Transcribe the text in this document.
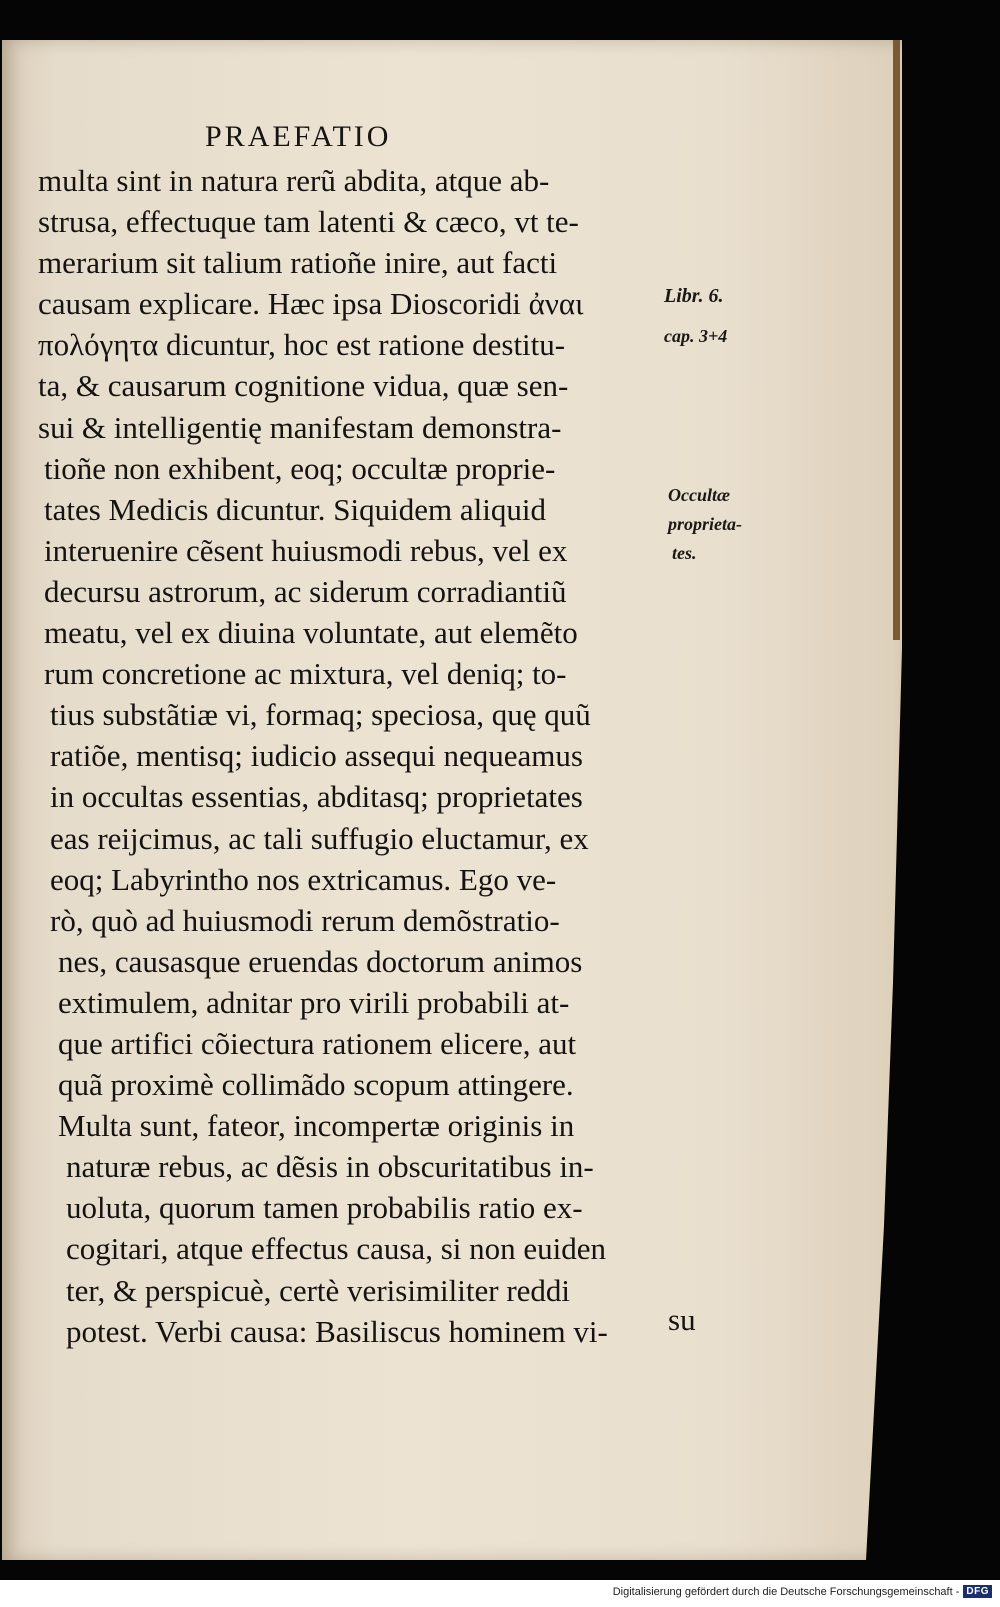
PRAEFATIO
multa sint in natura rerũ abdita, atque ab-
strusa, effectuque tam latenti & cæco, vt te-
merarium sit talium ratioñe inire, aut facti
causam explicare. Hæc ipsa Dioscoridi ἀναι
πολόγητα dicuntur, hoc est ratione destitu-
ta, & causarum cognitione vidua, quæ sen-
sui & intelligentię manifestam demonstra-
tioñe non exhibent, eoq; occultæ proprie-
tates Medicis dicuntur. Siquidem aliquid
interuenire cẽsent huiusmodi rebus, vel ex
decursu astrorum, ac siderum corradiantiũ
meatu, vel ex diuina voluntate, aut elemẽto
rum concretione ac mixtura, vel deniq; to-
tius substãtiæ vi, formaq; speciosa, quę quũ
ratiõe, mentisq; iudicio assequi nequeamus
in occultas essentias, abditasq; proprietates
eas reijcimus, ac tali suffugio eluctamur, ex
eoq; Labyrintho nos extricamus. Ego ve-
rò, quò ad huiusmodi rerum demõstratio-
nes, causasque eruendas doctorum animos
extimulem, adnitar pro virili probabili at-
que artifici cõiectura rationem elicere, aut
quã proximè collimãdo scopum attingere.
Multa sunt, fateor, incompertæ originis in
naturæ rebus, ac dẽsis in obscuritatibus in-
uoluta, quorum tamen probabilis ratio ex-
cogitari, atque effectus causa, si non euiden
ter, & perspicuè, certè verisimiliter reddi
potest. Verbi causa: Basiliscus hominem vi-
Libr. 6.
cap. 3+4
Occultæ
proprieta-
tes.
su
Digitalisierung gefördert durch die Deutsche Forschungsgemeinschaft - DFG
